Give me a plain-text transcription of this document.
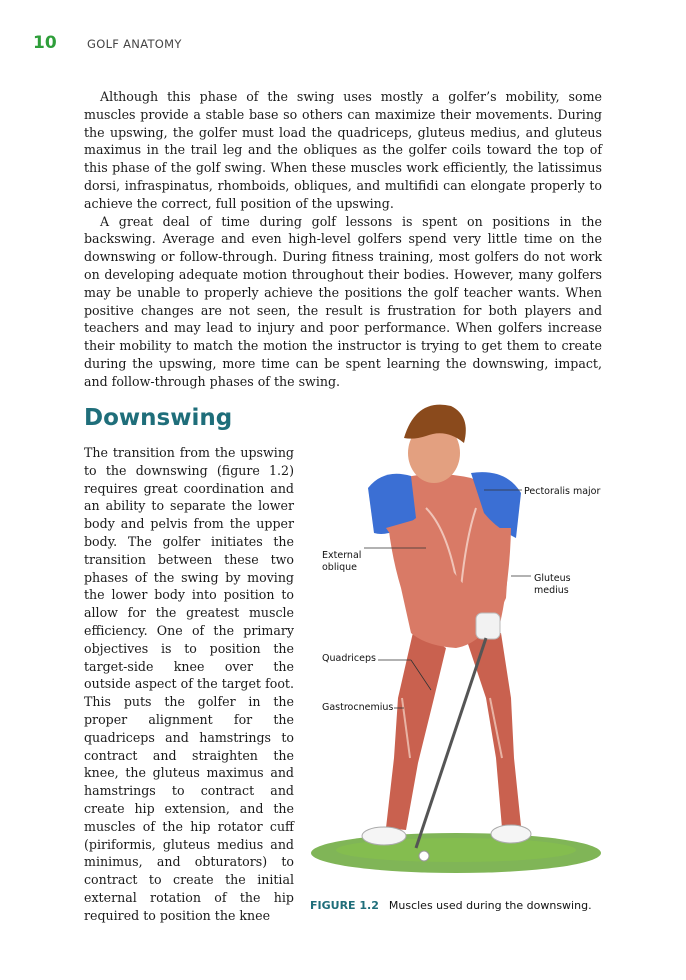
10	GOLF ANATOMY

Although this phase of the swing uses mostly a golfer’s mobility, some muscles provide a stable base so others can maximize their movements. During the upswing, the golfer must load the quadriceps, gluteus medius, and gluteus maximus in the trail leg and the obliques as the golfer coils toward the top of this phase of the golf swing. When these muscles work efficiently, the latissimus dorsi, infraspinatus, rhomboids, obliques, and multifidi can elongate properly to achieve the correct, full position of the upswing.

A great deal of time during golf lessons is spent on positions in the backswing. Average and even high-level golfers spend very little time on the downswing or follow-through. During fitness training, most golfers do not work on developing adequate motion throughout their bodies. However, many golfers may be unable to properly achieve the positions the golf teacher wants. When positive changes are not seen, the result is frustration for both players and teachers and may lead to injury and poor performance. When golfers increase their mobility to match the motion the instructor is trying to get them to create during the upswing, more time can be spent learning the downswing, impact, and follow-through phases of the swing.

Downswing

The transition from the upswing to the downswing (figure 1.2) requires great coordination and an ability to separate the lower body and pelvis from the upper body. The golfer initiates the transition between these two phases of the swing by moving the lower body into position to allow for the greatest muscle efficiency. One of the primary objectives is to position the target-side knee over the outside aspect of the target foot. This puts the golfer in the proper alignment for the quadriceps and hamstrings to contract and straighten the knee, the gluteus maximus and hamstrings to contract and create hip extension, and the muscles of the hip rotator cuff (piriformis, gluteus medius and minimus, and obturators) to contract to create the initial external rotation of the hip required to position the knee

Pectoralis major
External oblique
Gluteus medius
Quadriceps
Gastrocnemius
FIGURE 1.2 Muscles used during the downswing.
